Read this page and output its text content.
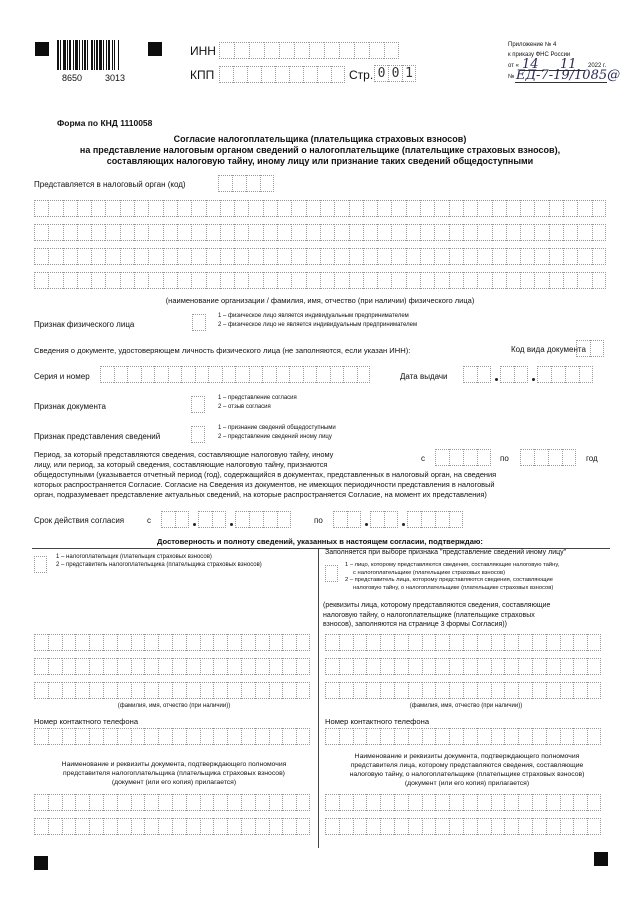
8650	3013
ИНН
КПП	Стр. 0 0 1
Приложение № 4
к приказу ФНС России
от « 14 11 2022 г.
№ ЕД-7-19/1085@
Форма по КНД 1110058
Согласие налогоплательщика (плательщика страховых взносов)
на представление налоговым органом сведений о налогоплательщике (плательщике страховых взносов),
составляющих налоговую тайну, иному лицу или признание таких сведений общедоступными
Представляется в налоговый орган (код)
(наименование организации / фамилия, имя, отчество (при наличии) физического лица)
Признак физического лица
1 – физическое лицо является индивидуальным предпринимателем
2 – физическое лицо не является индивидуальным предпринимателем
Сведения о документе, удостоверяющем личность физического лица (не заполняются, если указан ИНН):	Код вида документа
Серия и номер	Дата выдачи
Признак документа
1 – представление согласия
2 – отзыв согласия
Признак представления сведений
1 – признание сведений общедоступными
2 – представление сведений иному лицу
Период, за который представляются сведения, составляющие налоговую тайну, иному
лицу, или период, за который сведения, составляющие налоговую тайну, признаются
общедоступными (указывается отчетный период (год), содержащийся в документах, представленных в налоговый орган, на сведения
которых распространяется Согласие. Согласие на Сведения из документов, не имеющих периодичности представления в налоговый
орган, подразумевает представление актуальных сведений, на которые распространяется Согласие, на момент их представления)
с	по	год
Срок действия согласия	с	по
Достоверность и полноту сведений, указанных в настоящем согласии, подтверждаю:
1 – налогоплательщик (плательщик страховых взносов)
2 – представитель налогоплательщика (плательщика страховых взносов)
(фамилия, имя, отчество (при наличии))
Номер контактного телефона
Наименование и реквизиты документа, подтверждающего полномочия
представителя налогоплательщика (плательщика страховых взносов)
(документ (или его копия) прилагается)
Заполняется при выборе признака "представление сведений иному лицу"
1 – лицо, которому представляются сведения, составляющие налоговую тайну,
с налогоплательщике (плательщике страховых взносов)
2 – представитель лица, которому представляются сведения, составляющие
налоговую тайну, о налогоплательщике (плательщике страховых взносов)
(реквизиты лица, которому представляются сведения, составляющие
налоговую тайну, о налогоплательщике (плательщике страховых
взносов), заполняются на странице 3 формы Согласия))
(фамилия, имя, отчество (при наличии))
Номер контактного телефона
Наименование и реквизиты документа, подтверждающего полномочия
представителя лица, которому представляются сведения, составляющие
налоговую тайну, о налогоплательщике (плательщике страховых взносов)
(документ (или его копия) прилагается)
